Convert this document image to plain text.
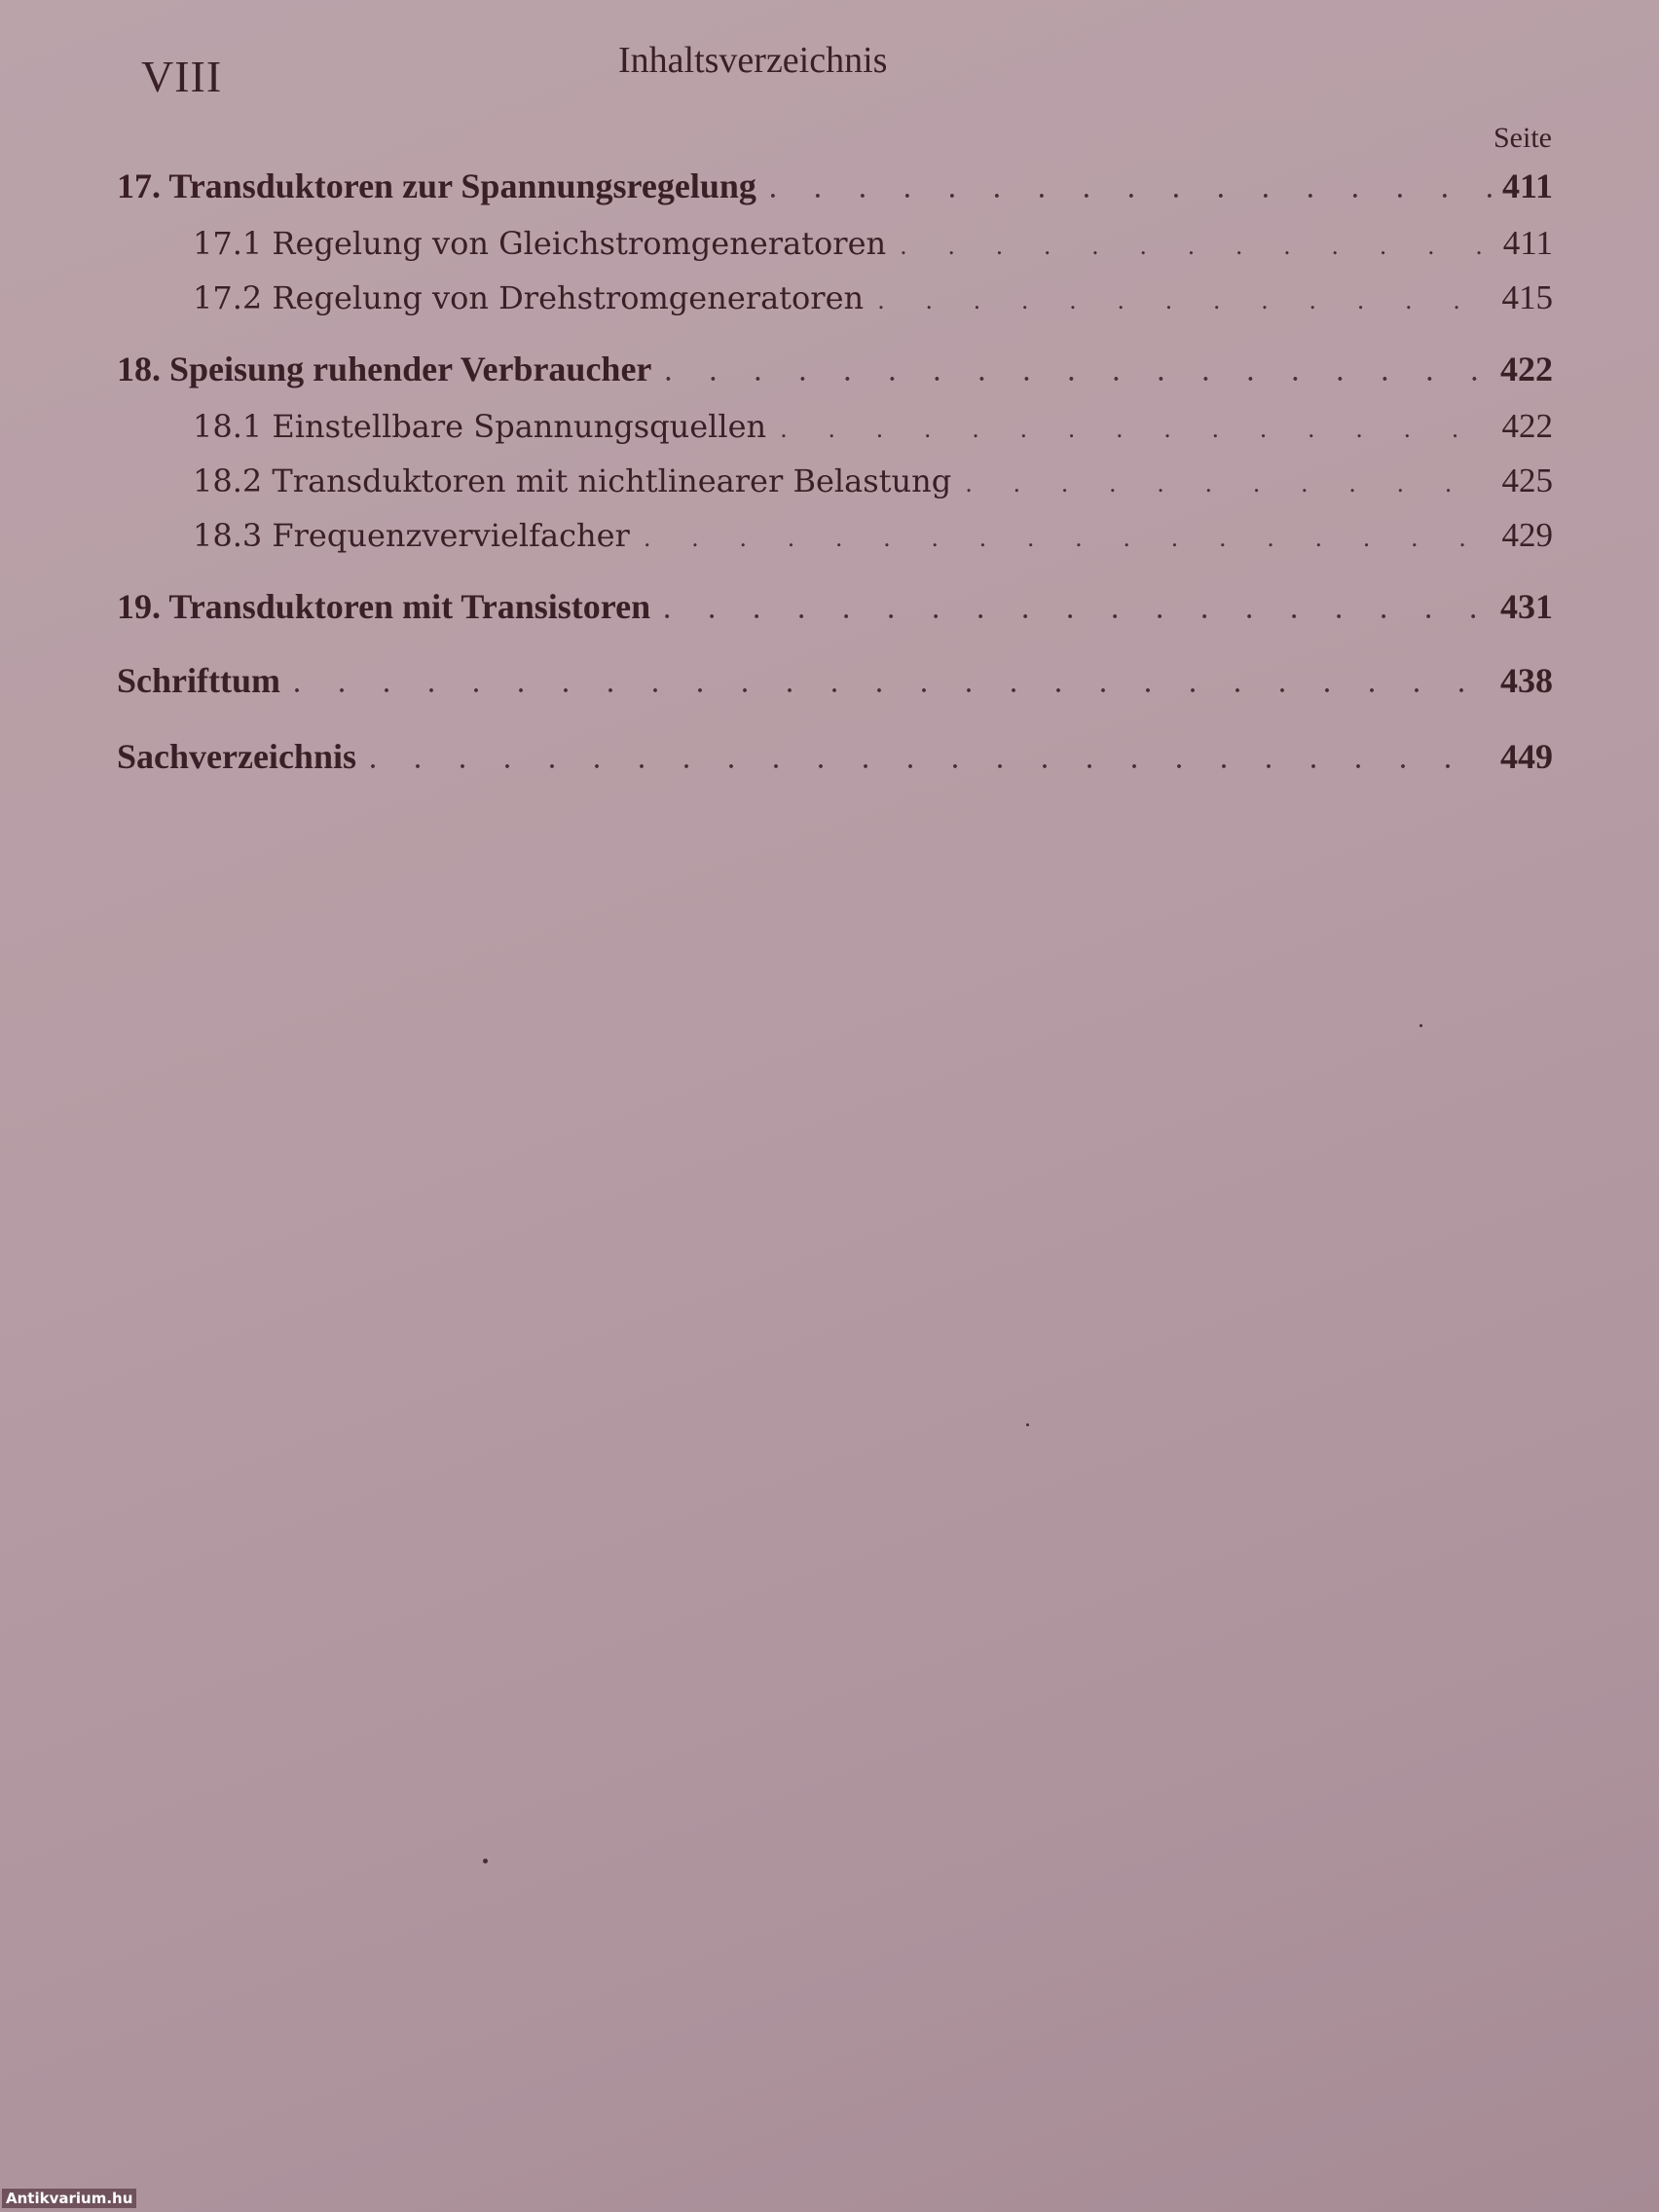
VIII	Inhaltsverzeichnis
Seite
17. Transduktoren zur Spannungsregelung . . .	411
17.1 Regelung von Gleichstromgeneratoren . . .	411
17.2 Regelung von Drehstromgeneratoren . . .	415
18. Speisung ruhender Verbraucher . . .	422
18.1 Einstellbare Spannungsquellen . . .	422
18.2 Transduktoren mit nichtlinearer Belastung . . .	425
18.3 Frequenzvervielfacher . . .	429
19. Transduktoren mit Transistoren . . .	431
Schrifttum . . .	438
Sachverzeichnis . . .	449
Antikvarium.hu
